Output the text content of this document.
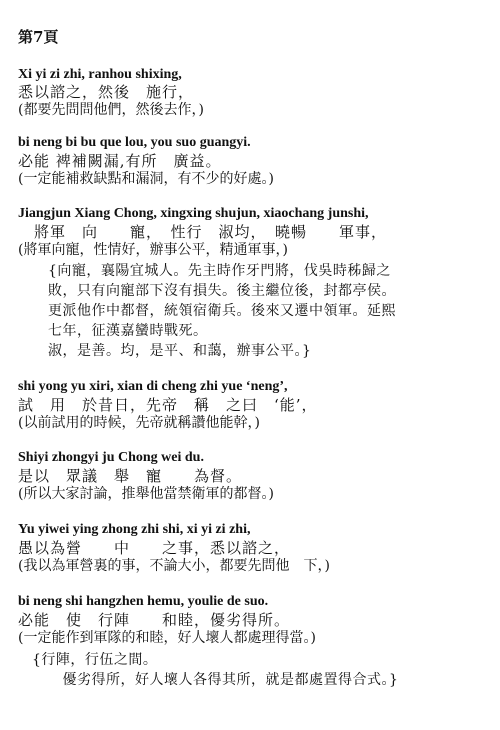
第7頁
Xi yi zi zhi, ranhou shixing,
悉以諮之，然後　施行，
(都要先問問他們，然後去作，)
bi neng bi bu que lou, you suo guangyi.
必能 裨補闕漏,有所　廣益。
(一定能補救缺點和漏洞，有不少的好處。)
Jiangjun Xiang Chong, xingxing shujun, xiaochang junshi,
　將軍　向　　寵，　性行　淑均，　曉暢　　軍事，
(將軍向寵，性情好，辦事公平，精通軍事，)
{向寵，襄陽宜城人。先主時作牙門將，伐吳時秭歸之
敗，只有向寵部下沒有損失。後主繼位後，封都亭侯。
更派他作中都督，統領宿衛兵。後來又遷中領軍。延熙
七年，征漢嘉蠻時戰死。
淑，是善。均，是平、和藹，辦事公平。}
shi yong yu xiri, xian di cheng zhi yue ‘neng’,
試　用　於昔日，先帝　稱　之曰　‘能’，
(以前試用的時候，先帝就稱讚他能幹，)
Shiyi zhongyi ju Chong wei du.
是以　眾議　舉　寵　　為督。
(所以大家討論，推舉他當禁衛軍的都督。)
Yu yiwei ying zhong zhi shi, xi yi zi zhi,
愚以為營　　中　　之事，悉以諮之，
(我以為軍營裏的事，不論大小，都要先問他　下，)
bi neng shi hangzhen hemu, youlie de suo.
必能　使　行陣　　和睦，優劣得所。
(一定能作到軍隊的和睦，好人壞人都處理得當。)
{行陣，行伍之間。
　優劣得所，好人壞人各得其所，就是都處置得合式。}
